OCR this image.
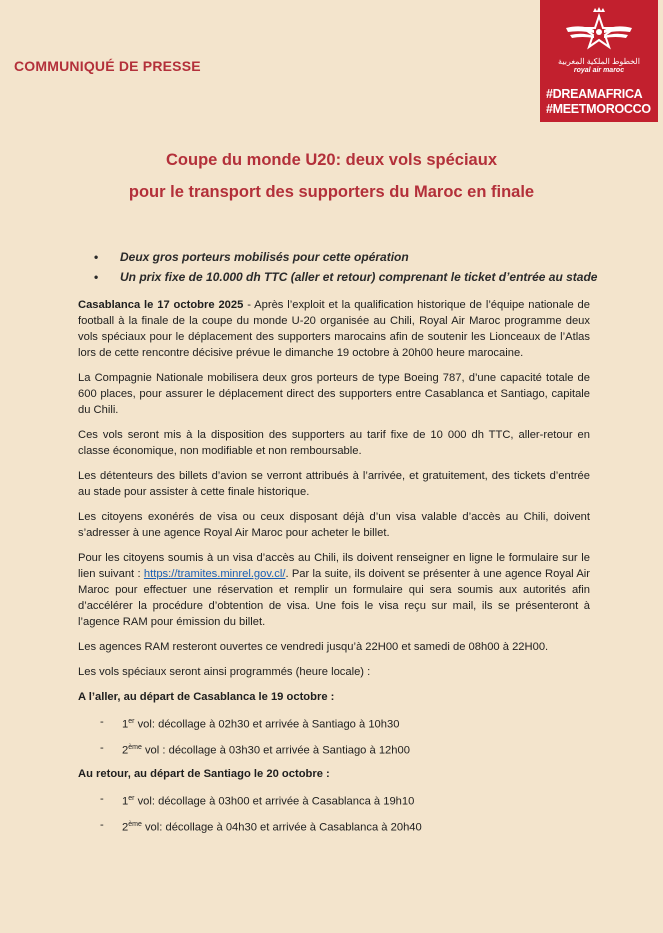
COMMUNIQUÉ DE PRESSE	الخطوط الملكية المغربية
royal air maroc
#DREAMAFRICA
#MEETMOROCCO
Coupe du monde U20: deux vols spéciaux
pour le transport des supporters du Maroc en finale
• Deux gros porteurs mobilisés pour cette opération
• Un prix fixe de 10.000 dh TTC (aller et retour) comprenant le ticket d’entrée au stade

Casablanca le 17 octobre 2025 - Après l’exploit et la qualification historique de l’équipe nationale de football à la finale de la coupe du monde U-20 organisée au Chili, Royal Air Maroc programme deux vols spéciaux pour le déplacement des supporters marocains afin de soutenir les Lionceaux de l’Atlas lors de cette rencontre décisive prévue le dimanche 19 octobre à 20h00 heure marocaine.

La Compagnie Nationale mobilisera deux gros porteurs de type Boeing 787, d’une capacité totale de 600 places, pour assurer le déplacement direct des supporters entre Casablanca et Santiago, capitale du Chili.

Ces vols seront mis à la disposition des supporters au tarif fixe de 10 000 dh TTC, aller-retour en classe économique, non modifiable et non remboursable.

Les détenteurs des billets d’avion se verront attribués à l’arrivée, et gratuitement, des tickets d’entrée au stade pour assister à cette finale historique.

Les citoyens exonérés de visa ou ceux disposant déjà d’un visa valable d’accès au Chili, doivent s’adresser à une agence Royal Air Maroc pour acheter le billet.

Pour les citoyens soumis à un visa d’accès au Chili, ils doivent renseigner en ligne le formulaire sur le lien suivant : https://tramites.minrel.gov.cl/. Par la suite, ils doivent se présenter à une agence Royal Air Maroc pour effectuer une réservation et remplir un formulaire qui sera soumis aux autorités afin d’accélérer la procédure d’obtention de visa. Une fois le visa reçu sur mail, ils se présenteront à l’agence RAM pour émission du billet.

Les agences RAM resteront ouvertes ce vendredi jusqu’à 22H00 et samedi de 08h00 à 22H00.

Les vols spéciaux seront ainsi programmés (heure locale) :

A l’aller, au départ de Casablanca le 19 octobre :
- 1er vol: décollage à 02h30 et arrivée à Santiago à 10h30
- 2ème vol : décollage à 03h30 et arrivée à Santiago à 12h00
Au retour, au départ de Santiago le 20 octobre :
- 1er vol: décollage à 03h00 et arrivée à Casablanca à 19h10
- 2ème vol: décollage à 04h30 et arrivée à Casablanca à 20h40
